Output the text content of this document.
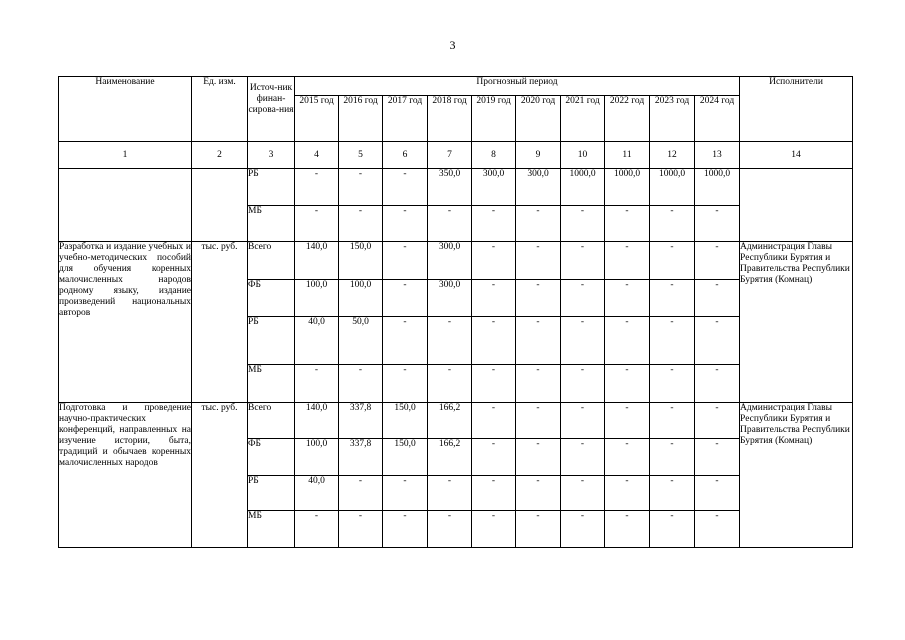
3
Наименование	Ед. изм.	Источ-ник финан-сирова-ния	Прогнозный период										Исполнители
			2015 год	2016 год	2017 год	2018 год	2019 год	2020 год	2021 год	2022 год	2023 год	2024 год	
1	2	3	4	5	6	7	8	9	10	11	12	13	14
		РБ	-	-	-	350,0	300,0	300,0	1000,0	1000,0	1000,0	1000,0	
		МБ	-	-	-	-	-	-	-	-	-	-	
Разработка и издание учебных и учебно-методических пособий для обучения коренных малочисленных народов родному языку, издание произведений национальных авторов	тыс. руб.	Всего	140,0	150,0	-	300,0	-	-	-	-	-	-	Администрация Главы Республики Бурятия и Правительства Республики Бурятия (Комнац)
		ФБ	100,0	100,0	-	300,0	-	-	-	-	-	-	
		РБ	40,0	50,0	-	-	-	-	-	-	-	-	
		МБ	-	-	-	-	-	-	-	-	-	-	
Подготовка и проведение научно-практических конференций, направленных на изучение истории, быта, традиций и обычаев коренных малочисленных народов	тыс. руб.	Всего	140,0	337,8	150,0	166,2	-	-	-	-	-	-	Администрация Главы Республики Бурятия и Правительства Республики Бурятия (Комнац)
		ФБ	100,0	337,8	150,0	166,2	-	-	-	-	-	-	
		РБ	40,0	-	-	-	-	-	-	-	-	-	
		МБ	-	-	-	-	-	-	-	-	-	-	
